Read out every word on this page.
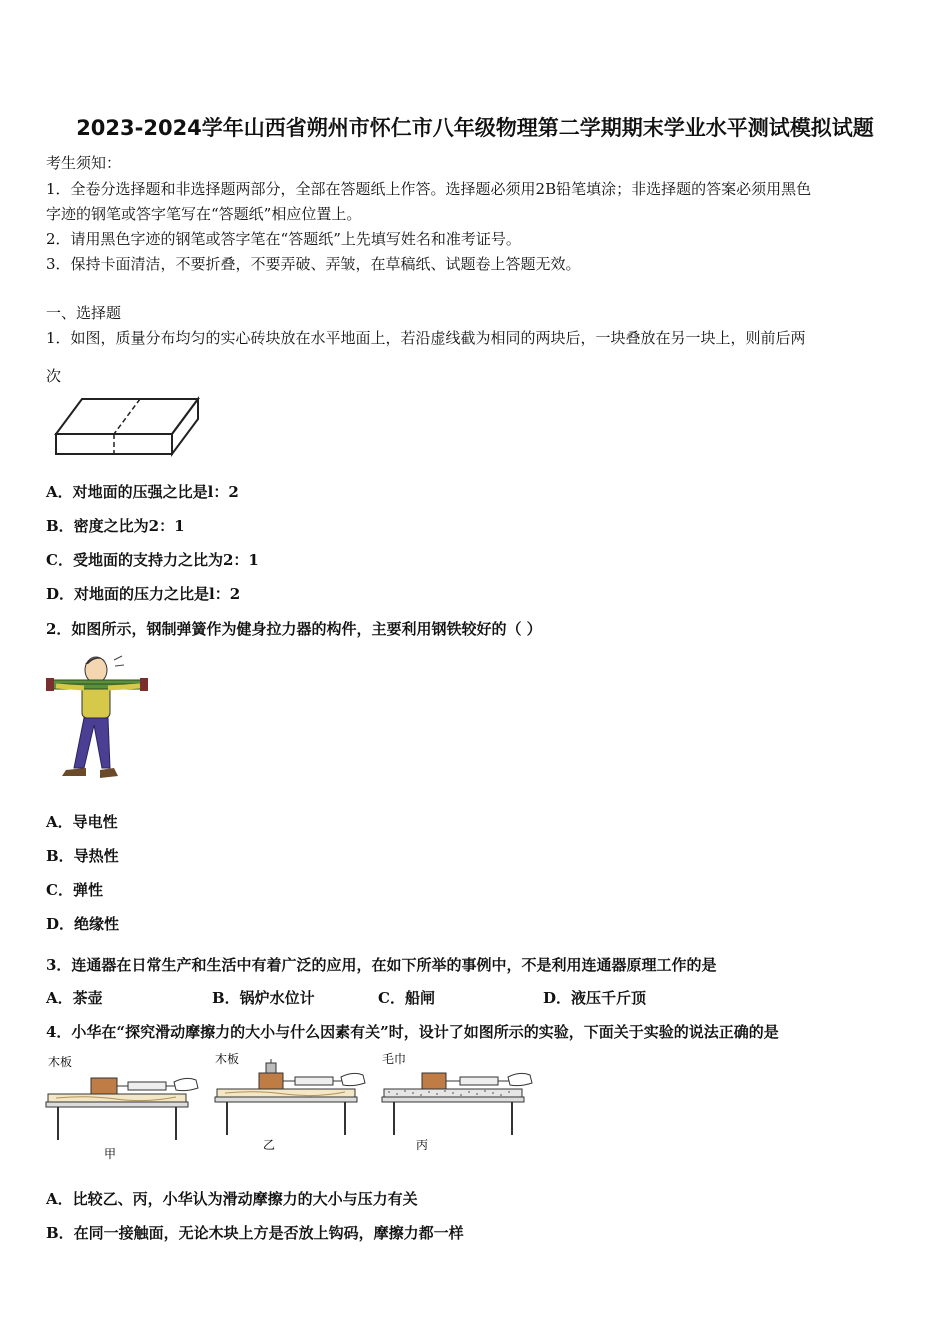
2023-2024学年山西省朔州市怀仁市八年级物理第二学期期末学业水平测试模拟试题
考生须知：
1．全卷分选择题和非选择题两部分，全部在答题纸上作答。选择题必须用2B铅笔填涂；非选择题的答案必须用黑色
字迹的钢笔或答字笔写在“答题纸”相应位置上。
2．请用黑色字迹的钢笔或答字笔在“答题纸”上先填写姓名和准考证号。
3．保持卡面清洁，不要折叠，不要弄破、弄皱，在草稿纸、试题卷上答题无效。
一、选择题
1．如图，质量分布均匀的实心砖块放在水平地面上，若沿虚线截为相同的两块后，一块叠放在另一块上，则前后两
次
A．对地面的压强之比是l：2
B．密度之比为2：1
C．受地面的支持力之比为2：1
D．对地面的压力之比是l：2
2．如图所示，钢制弹簧作为健身拉力器的构件，主要利用钢铁较好的（ ）
A．导电性
B．导热性
C．弹性
D．绝缘性
3．连通器在日常生产和生活中有着广泛的应用，在如下所举的事例中，不是利用连通器原理工作的是
A．茶壶	B．锅炉水位计	C．船闸	D．液压千斤顶
4．小华在“探究滑动摩擦力的大小与什么因素有关”时，设计了如图所示的实验，下面关于实验的说法正确的是
木板
甲
木板
乙
毛巾
丙
A．比较乙、丙，小华认为滑动摩擦力的大小与压力有关
B．在同一接触面，无论木块上方是否放上钩码，摩擦力都一样
